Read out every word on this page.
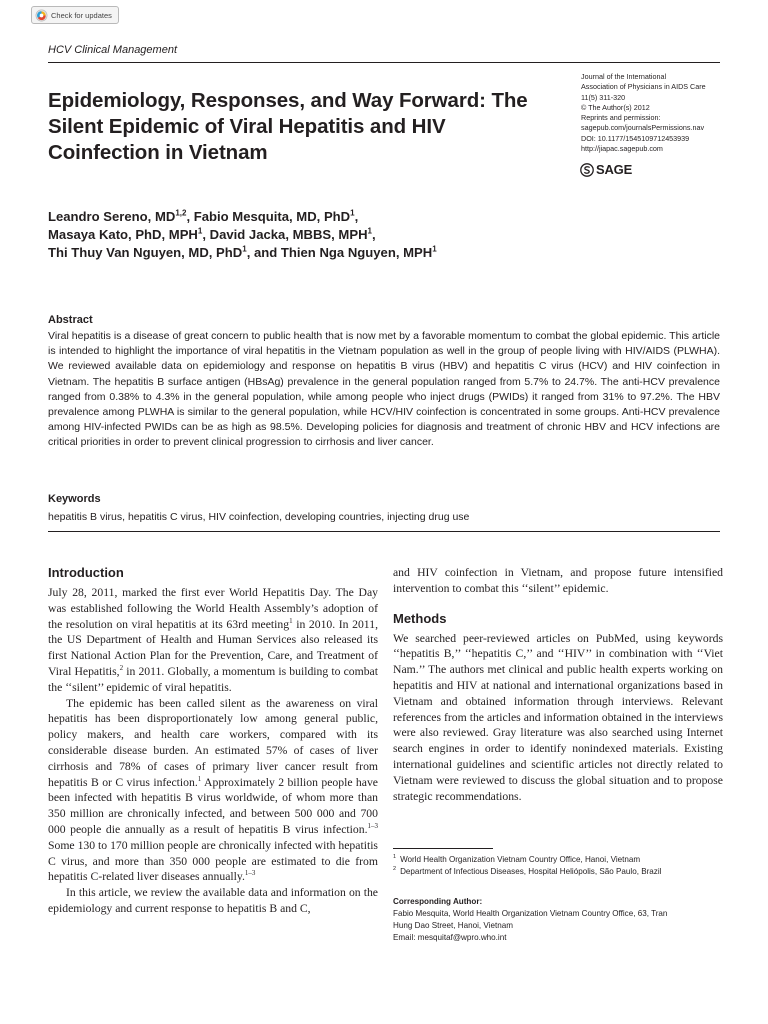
Check for updates
HCV Clinical Management
Epidemiology, Responses, and Way Forward: The Silent Epidemic of Viral Hepatitis and HIV Coinfection in Vietnam
Journal of the International
Association of Physicians in AIDS Care
11(5) 311-320
© The Author(s) 2012
Reprints and permission:
sagepub.com/journalsPermissions.nav
DOI: 10.1177/1545109712453939
http://jiapac.sagepub.com
SAGE
Leandro Sereno, MD$^{1,2}$, Fabio Mesquita, MD, PhD$^1$,
Masaya Kato, PhD, MPH$^1$, David Jacka, MBBS, MPH$^1$,
Thi Thuy Van Nguyen, MD, PhD$^1$, and Thien Nga Nguyen, MPH$^1$
Abstract
Viral hepatitis is a disease of great concern to public health that is now met by a favorable momentum to combat the global epidemic. This article is intended to highlight the importance of viral hepatitis in the Vietnam population as well in the group of people living with HIV/AIDS (PLWHA). We reviewed available data on epidemiology and response on hepatitis B virus (HBV) and hepatitis C virus (HCV) and HIV coinfection in Vietnam. The hepatitis B surface antigen (HBsAg) prevalence in the general population ranged from 5.7% to 24.7%. The anti-HCV prevalence ranged from 0.38% to 4.3% in the general population, while among people who inject drugs (PWIDs) it ranged from 31% to 97.2%. The HBV prevalence among PLWHA is similar to the general population, while HCV/HIV coinfection is concentrated in some groups. Anti-HCV prevalence among HIV-infected PWIDs can be as high as 98.5%. Developing policies for diagnosis and treatment of chronic HBV and HCV infections are critical priorities in order to prevent clinical progression to cirrhosis and liver cancer.
Keywords
hepatitis B virus, hepatitis C virus, HIV coinfection, developing countries, injecting drug use
Introduction

July 28, 2011, marked the first ever World Hepatitis Day. The Day was established following the World Health Assembly’s adoption of the resolution on viral hepatitis at its 63rd meeting$^1$ in 2010. In 2011, the US Department of Health and Human Services also released its first National Action Plan for the Prevention, Care, and Treatment of Viral Hepatitis,$^2$ in 2011. Globally, a momentum is building to combat the ‘‘silent’’ epidemic of viral hepatitis.

The epidemic has been called silent as the awareness on viral hepatitis has been disproportionately low among general public, policy makers, and health care workers, compared with its considerable disease burden. An estimated 57% of cases of liver cirrhosis and 78% of cases of primary liver cancer result from hepatitis B or C virus infection.$^1$ Approximately 2 billion people have been infected with hepatitis B virus worldwide, of whom more than 350 million are chronically infected, and between 500 000 and 700 000 people die annually as a result of hepatitis B virus infection.$^{1-3}$ Some 130 to 170 million people are chronically infected with hepatitis C virus, and more than 350 000 people are estimated to die from hepatitis C-related liver diseases annually.$^{1-3}$

In this article, we review the available data and information on the epidemiology and current response to hepatitis B and C,

and HIV coinfection in Vietnam, and propose future intensified intervention to combat this ‘‘silent’’ epidemic.
Methods
We searched peer-reviewed articles on PubMed, using keywords ‘‘hepatitis B,’’ ‘‘hepatitis C,’’ and ‘‘HIV’’ in combination with ‘‘Viet Nam.’’ The authors met clinical and public health experts working on hepatitis and HIV at national and international organizations based in Vietnam and obtained information through interviews. Relevant references from the articles and information obtained in the interviews were also reviewed. Gray literature was also searched using Internet search engines in order to identify nonindexed materials. Existing international guidelines and scientific articles not directly related to Vietnam were reviewed to discuss the global situation and to propose strategic recommendations.
$^1$ World Health Organization Vietnam Country Office, Hanoi, Vietnam
$^2$ Department of Infectious Diseases, Hospital Heliópolis, São Paulo, Brazil
Corresponding Author:
Fabio Mesquita, World Health Organization Vietnam Country Office, 63, Tran
Hung Dao Street, Hanoi, Vietnam
Email: mesquitaf@wpro.who.int
